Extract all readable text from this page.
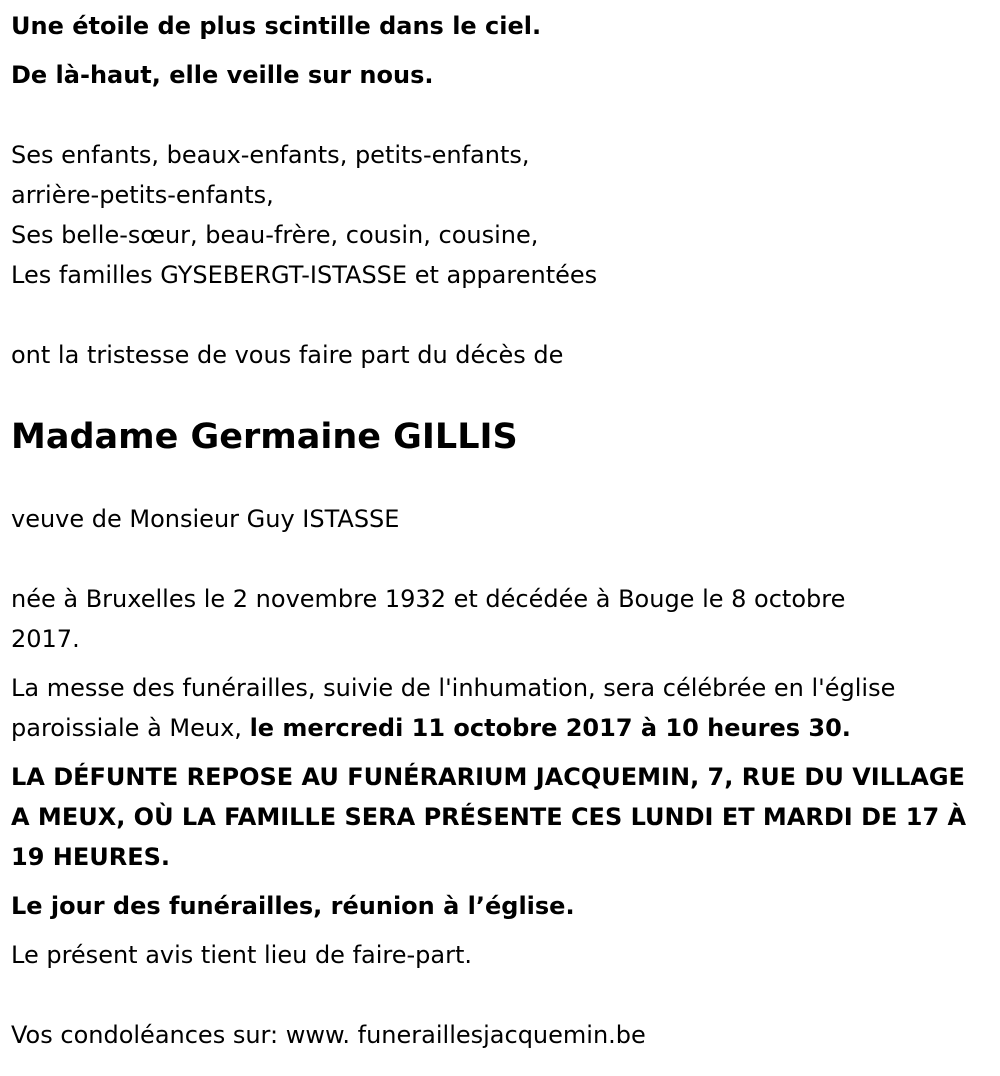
Une étoile de plus scintille dans le ciel.

De là-haut, elle veille sur nous.

Ses enfants, beaux-enfants, petits-enfants,

arrière-petits-enfants,

Ses belle-sœur, beau-frère, cousin, cousine,

Les familles GYSEBERGT-ISTASSE et apparentées

ont la tristesse de vous faire part du décès de

Madame Germaine GILLIS

veuve de Monsieur Guy ISTASSE

née à Bruxelles le 2 novembre 1932 et décédée à Bouge le 8 octobre

2017.

La messe des funérailles, suivie de l'inhumation, sera célébrée en l'église

paroissiale à Meux, le mercredi 11 octobre 2017 à 10 heures 30.

LA DÉFUNTE REPOSE AU FUNÉRARIUM JACQUEMIN, 7, RUE DU VILLAGE

A MEUX, OÙ LA FAMILLE SERA PRÉSENTE CES LUNDI ET MARDI DE 17 À

19 HEURES.

Le jour des funérailles, réunion à l’église.

Le présent avis tient lieu de faire-part.

Vos condoléances sur: www. funeraillesjacquemin.be
